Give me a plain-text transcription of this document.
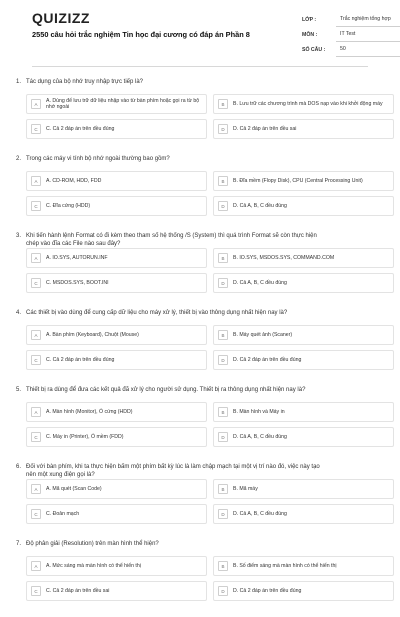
QUIZIZZ
2550 câu hỏi trắc nghiệm Tin học đại cương có đáp án Phần 8
LỚP :	Trắc nghiệm tổng hợp
MÔN :	IT Test
SỐ CÂU :	50
1. Tác dụng của bộ nhớ truy nhập trực tiếp là?
A
A. Dùng để lưu trữ dữ liệu nhập vào từ bàn phím hoặc gọi ra từ bộ nhớ ngoài	B	B. Lưu trữ các chương trình mà DOS nạp vào khi khởi động máy
C	C. Cả 2 đáp án trên đều đúng	D	D. Cả 2 đáp án trên đều sai
2. Trong các máy vi tính bộ nhớ ngoài thường bao gồm?
A	A. CD-ROM, HDD, FDD	B	B. Đĩa mềm (Flopy Disk), CPU (Central Processing Unit)
C	C. Đĩa cứng (HDD)	D	D. Cả A, B, C đều đúng
3. Khi tiến hành lệnh Format có đi kèm theo tham số hệ thống /S (System) thì quá trình Format sẽ còn thực hiện chép vào đĩa các File nào sau đây?
A	A. IO.SYS, AUTORUN.INF	B	B. IO.SYS, MSDOS.SYS, COMMAND.COM
C	C. MSDOS.SYS, BOOT.INI	D	D. Cả A, B, C đều đúng
4. Các thiết bị vào dùng để cung cấp dữ liệu cho máy xử lý, thiết bị vào thông dụng nhất hiện nay là?
A	A. Bàn phím (Keyboard), Chuột (Mouse)	B	B. Máy quét ảnh (Scaner)
C	C. Cả 2 đáp án trên đều đúng	D	D. Cả 2 đáp án trên đều đúng
5. Thiết bị ra dùng để đưa các kết quả đã xử lý cho người sử dụng. Thiết bị ra thông dụng nhất hiện nay là?
A	A. Màn hình (Monitor), Ổ cứng (HDD)	B	B. Màn hình và Máy in
C	C. Máy in (Printer), Ổ mềm (FDD)	D	D. Cả A, B, C đều đúng
6. Đối với bàn phím, khi ta thực hiện bấm một phím bất kỳ lúc là làm chập mạch tại một vị trí nào đó, việc này tạo nên một xung điện gọi là?
A	A. Mã quét (Scan Code)	B	B. Mã máy
C	C. Đoản mạch	D	D. Cả A, B, C đều đúng
7. Độ phân giải (Resolution) trên màn hình thể hiện?
A	A. Mức sáng mà màn hình có thể hiển thị	B	B. Số điểm sáng mà màn hình có thể hiển thị
C	C. Cả 2 đáp án trên đều sai	D	D. Cả 2 đáp án trên đều đúng
